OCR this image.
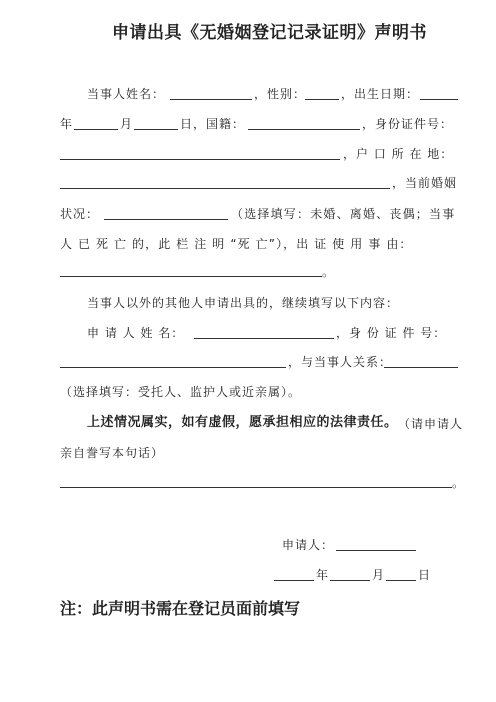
申请出具《无婚姻登记记录证明》声明书
当事人姓名：	，性别：	，出生日期：
年	月	日，国籍：	，身份证件号：
，户 口 所 在 地：
，当前婚姻
状况：	（选择填写：未婚、离婚、丧偶；当事
人 已 死 亡 的，此 栏 注 明 “死 亡”），出 证 使 用 事 由：
。
当事人以外的其他人申请出具的，继续填写以下内容：
申 请 人 姓 名：	，身 份 证 件 号：
，与当事人关系：
（选择填写：受托人、监护人或近亲属）。
上述情况属实，如有虚假，愿承担相应的法律责任。 （请申请人
亲自誊写本句话）
。
申请人：
年	月	日
注：此声明书需在登记员面前填写
